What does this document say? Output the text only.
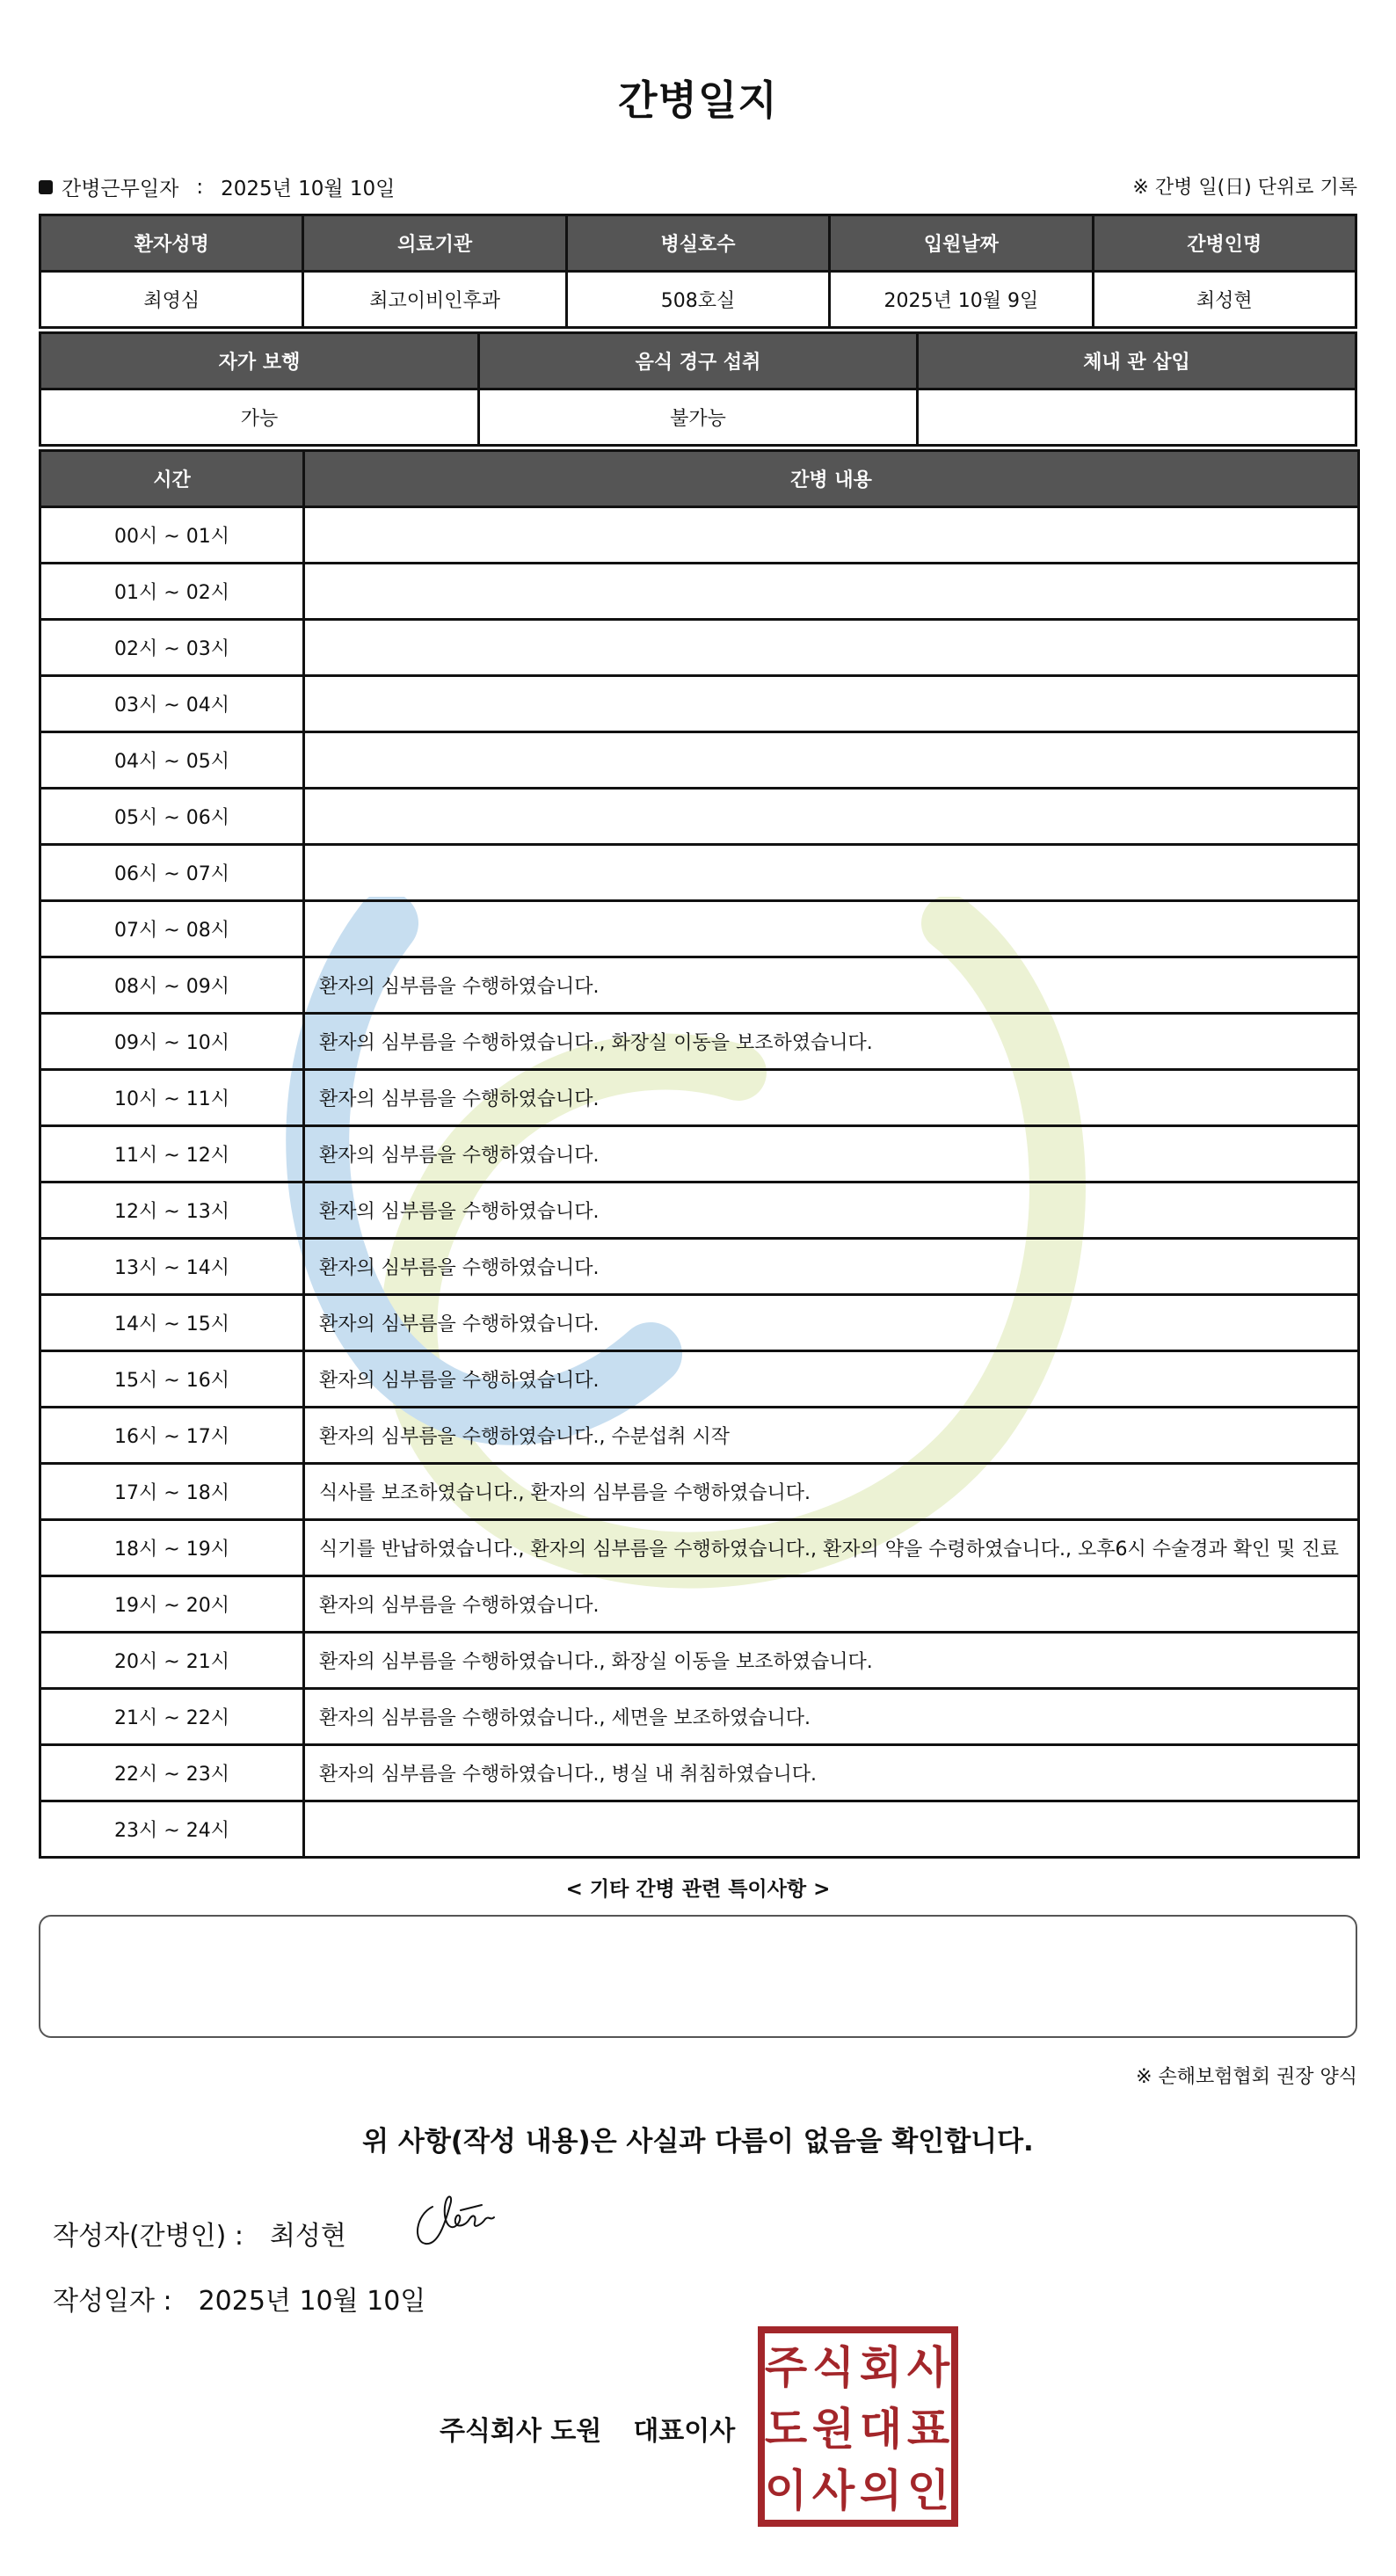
간병일지
간병근무일자 : 2025년 10월 10일	※ 간병 일(日) 단위로 기록
환자성명	의료기관	병실호수	입원날짜	간병인명
최영심	최고이비인후과	508호실	2025년 10월 9일	최성현
자가 보행	음식 경구 섭취	체내 관 삽입
가능	불가능	
시간	간병 내용
00시 ~ 01시	
01시 ~ 02시	
02시 ~ 03시	
03시 ~ 04시	
04시 ~ 05시	
05시 ~ 06시	
06시 ~ 07시	
07시 ~ 08시	
08시 ~ 09시	환자의 심부름을 수행하였습니다.
09시 ~ 10시	환자의 심부름을 수행하였습니다., 화장실 이동을 보조하였습니다.
10시 ~ 11시	환자의 심부름을 수행하였습니다.
11시 ~ 12시	환자의 심부름을 수행하였습니다.
12시 ~ 13시	환자의 심부름을 수행하였습니다.
13시 ~ 14시	환자의 심부름을 수행하였습니다.
14시 ~ 15시	환자의 심부름을 수행하였습니다.
15시 ~ 16시	환자의 심부름을 수행하였습니다.
16시 ~ 17시	환자의 심부름을 수행하였습니다., 수분섭취 시작
17시 ~ 18시	식사를 보조하였습니다., 환자의 심부름을 수행하였습니다.
18시 ~ 19시	식기를 반납하였습니다., 환자의 심부름을 수행하였습니다., 환자의 약을 수령하였습니다., 오후6시 수술경과 확인 및 진료
19시 ~ 20시	환자의 심부름을 수행하였습니다.
20시 ~ 21시	환자의 심부름을 수행하였습니다., 화장실 이동을 보조하였습니다.
21시 ~ 22시	환자의 심부름을 수행하였습니다., 세면을 보조하였습니다.
22시 ~ 23시	환자의 심부름을 수행하였습니다., 병실 내 취침하였습니다.
23시 ~ 24시	
< 기타 간병 관련 특이사항 >
※ 손해보험협회 권장 양식
위 사항(작성 내용)은 사실과 다름이 없음을 확인합니다.
작성자(간병인) : 최성현
작성일자 : 2025년 10월 10일
주식회사 도원 대표이사
주 식 회 사
도 원 대 표
이 사 의 인
